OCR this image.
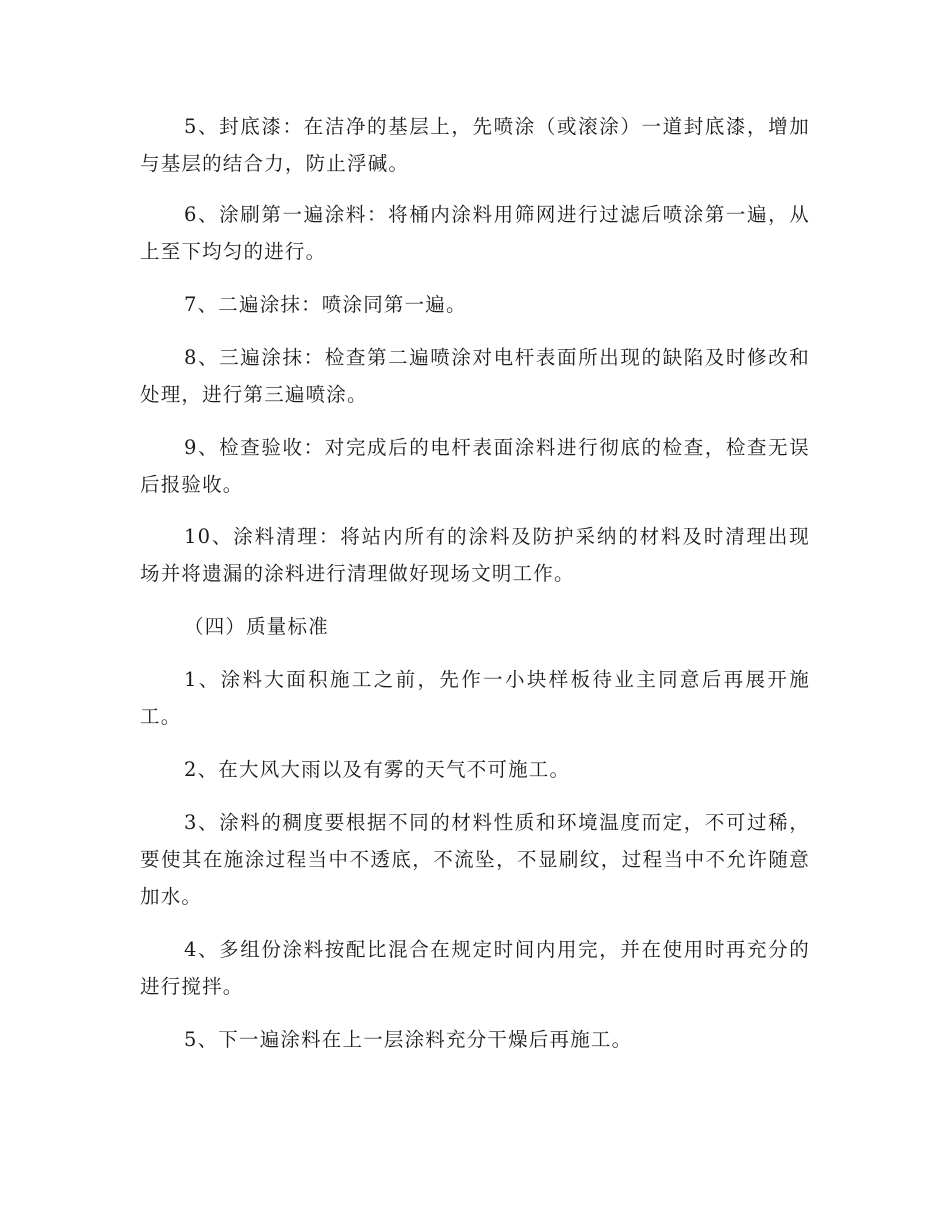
5、封底漆：在洁净的基层上，先喷涂（或滚涂）一道封底漆，增加与基层的结合力，防止浮碱。

6、涂刷第一遍涂料：将桶内涂料用筛网进行过滤后喷涂第一遍，从上至下均匀的进行。

7、二遍涂抹：喷涂同第一遍。

8、三遍涂抹：检查第二遍喷涂对电杆表面所出现的缺陷及时修改和处理，进行第三遍喷涂。

9、检查验收：对完成后的电杆表面涂料进行彻底的检查，检查无误后报验收。

10、涂料清理：将站内所有的涂料及防护采纳的材料及时清理出现场并将遗漏的涂料进行清理做好现场文明工作。

（四）质量标准

1、涂料大面积施工之前，先作一小块样板待业主同意后再展开施工。

2、在大风大雨以及有雾的天气不可施工。

3、涂料的稠度要根据不同的材料性质和环境温度而定，不可过稀，要使其在施涂过程当中不透底，不流坠，不显刷纹，过程当中不允许随意加水。

4、多组份涂料按配比混合在规定时间内用完，并在使用时再充分的进行搅拌。

5、下一遍涂料在上一层涂料充分干燥后再施工。
